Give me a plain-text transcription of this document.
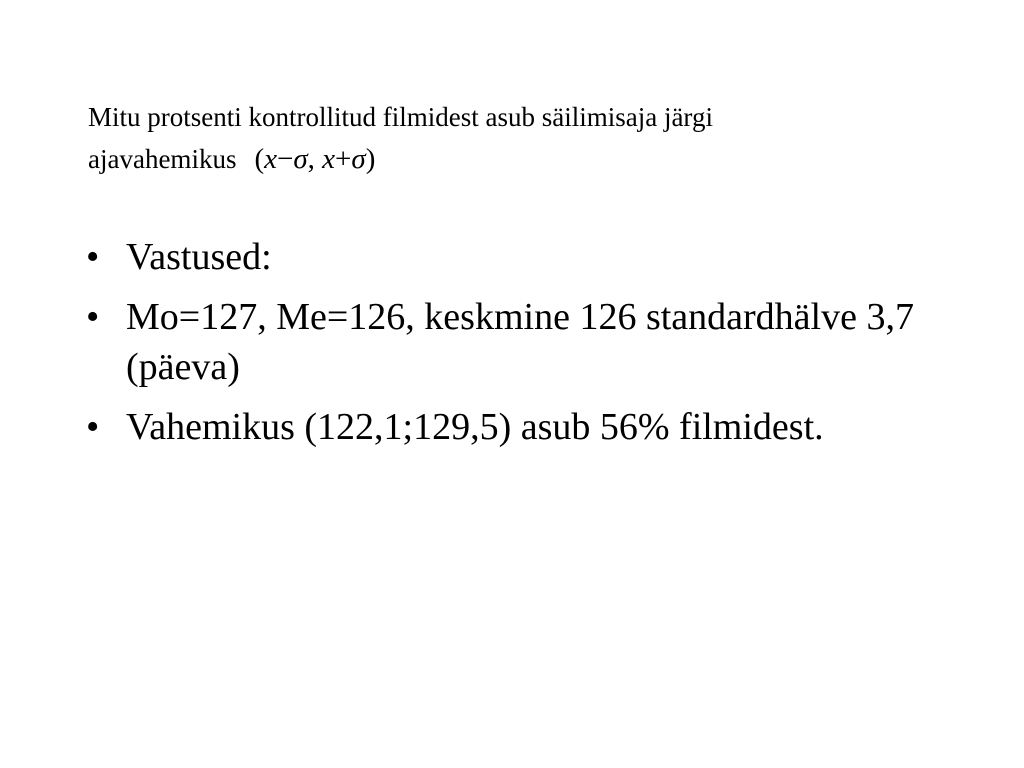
Mitu protsenti kontrollitud filmidest asub säilimisaja järgi
ajavahemikus (x−σ, x+σ)
• Vastused:
• Mo=127, Me=126, keskmine 126 standardhälve 3,7 (päeva)
• Vahemikus (122,1;129,5) asub 56% filmidest.
